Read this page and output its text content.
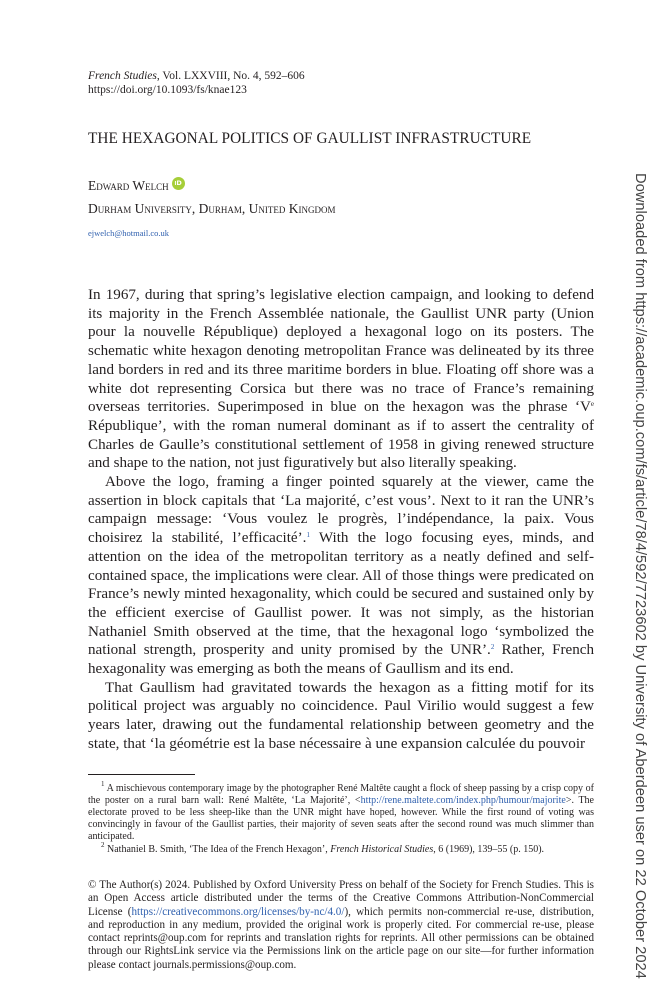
French Studies, Vol. LXXVIII, No. 4, 592–606
https://doi.org/10.1093/fs/knae123
THE HEXAGONAL POLITICS OF GAULLIST INFRASTRUCTURE
Edward Welch iD
Durham University, Durham, United Kingdom
ejwelch@hotmail.co.uk

In 1967, during that spring’s legislative election campaign, and looking to defend its majority in the French Assemblée nationale, the Gaullist UNR party (Union pour la nouvelle République) deployed a hexagonal logo on its posters. The schematic white hexagon denoting metropolitan France was delineated by its three land borders in red and its three maritime borders in blue. Floating off shore was a white dot representing Corsica but there was no trace of France’s remaining overseas territories. Superimposed in blue on the hexagon was the phrase ‘Ve République’, with the roman numeral dominant as if to assert the centrality of Charles de Gaulle’s constitutional settlement of 1958 in giving renewed structure and shape to the nation, not just figuratively but also literally speaking.

Above the logo, framing a finger pointed squarely at the viewer, came the assertion in block capitals that ‘La majorité, c’est vous’. Next to it ran the UNR’s campaign message: ‘Vous voulez le progrès, l’indépendance, la paix. Vous choisirez la stabilité, l’efficacité’.$^1$ With the logo focusing eyes, minds, and attention on the idea of the metropolitan territory as a neatly defined and self-contained space, the implications were clear. All of those things were predicated on France’s newly minted hexagonality, which could be secured and sustained only by the efficient exercise of Gaullist power. It was not simply, as the historian Nathaniel Smith observed at the time, that the hexagonal logo ‘symbolized the national strength, prosperity and unity promised by the UNR’.$^2$ Rather, French hexagonality was emerging as both the means of Gaullism and its end.

That Gaullism had gravitated towards the hexagon as a fitting motif for its political project was arguably no coincidence. Paul Virilio would suggest a few years later, drawing out the fundamental relationship between geometry and the state, that ‘la géométrie est la base nécessaire à une expansion calculée du pouvoir

$^1$ A mischievous contemporary image by the photographer René Maltête caught a flock of sheep passing by a crisp copy of the poster on a rural barn wall: René Maltête, ‘La Majorité’, <http://rene.maltete.com/index.php/humour/majorite>. The electorate proved to be less sheep-like than the UNR might have hoped, however. While the first round of voting was convincingly in favour of the Gaullist parties, their majority of seven seats after the second round was much slimmer than anticipated.

$^2$ Nathaniel B. Smith, ‘The Idea of the French Hexagon’, French Historical Studies, 6 (1969), 139–55 (p. 150).

© The Author(s) 2024. Published by Oxford University Press on behalf of the Society for French Studies. This is an Open Access article distributed under the terms of the Creative Commons Attribution-NonCommercial License (https://creativecommons.org/licenses/by-nc/4.0/), which permits non-commercial re-use, distribution, and reproduction in any medium, provided the original work is properly cited. For commercial re-use, please contact reprints@oup.com for reprints and translation rights for reprints. All other permissions can be obtained through our RightsLink service via the Permissions link on the article page on our site—for further information please contact journals.permissions@oup.com.	Downloaded from https://academic.oup.com/fs/article/78/4/592/7723602 by University of Aberdeen user on 22 October 2024
